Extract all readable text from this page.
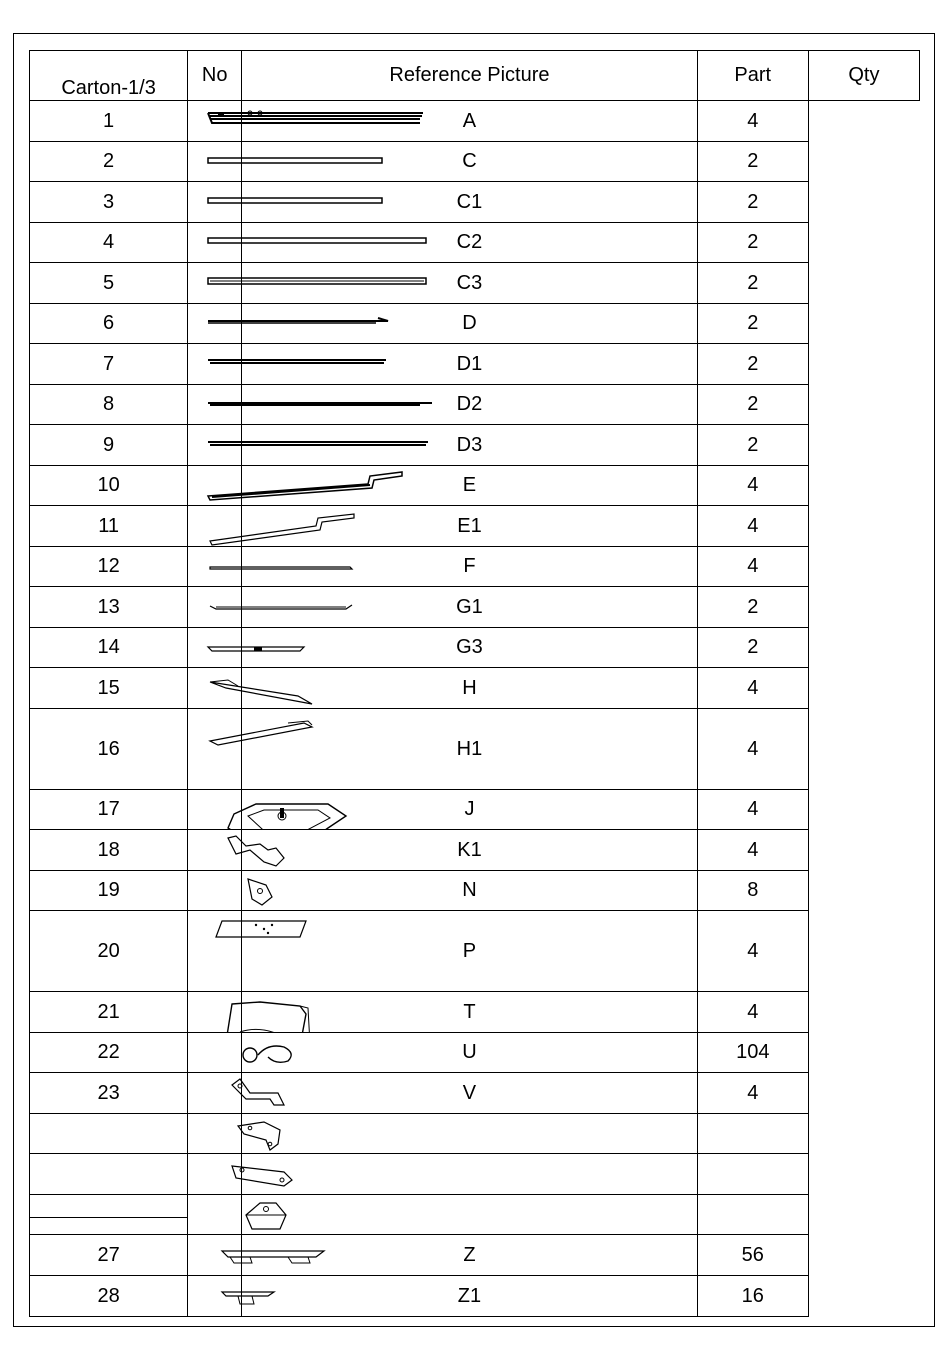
Carton-1/3	No	Reference Picture	Part	Qty
1		A	4	
2		C	2	
3		C1	2	
4		C2	2	
5		C3	2	
6		D	2	
7		D1	2	
8		D2	2	
9		D3	2	
10		E	4	
11		E1	4	
12		F	4	
13		G1	2	
14		G3	2	
15		H	4	
16		H1	4	
17		J	4	
18		K1	4	
19		N	8	
20		P	4	
21		T	4	
22		U	104	
23		V	4	

27		Z	56	
28		Z1	16	
